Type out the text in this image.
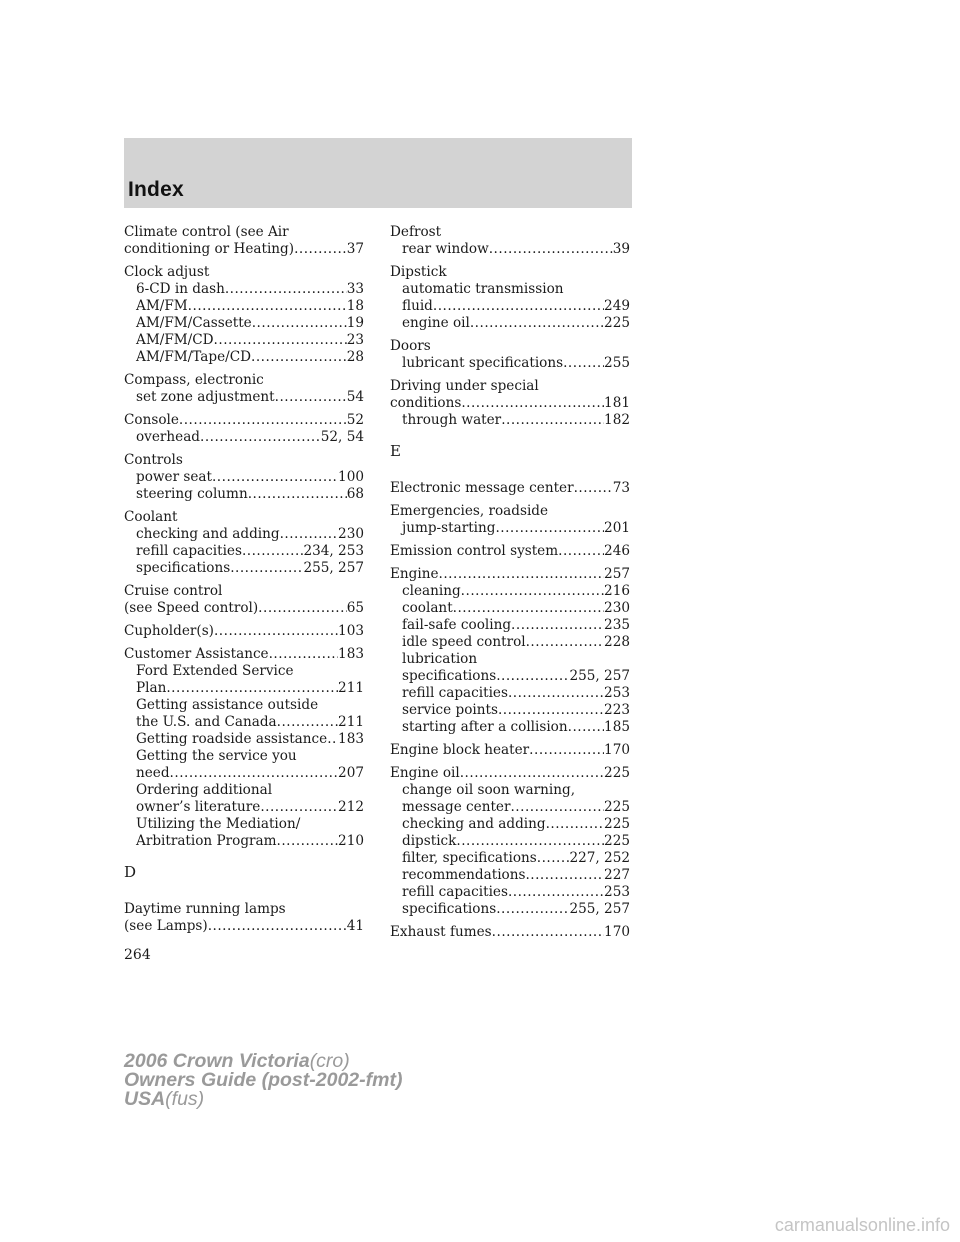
Index
Climate control (see Air
conditioning or Heating) .....	37
Clock adjust
6-CD in dash .....	33
AM/FM .....	18
AM/FM/Cassette .....	19
AM/FM/CD .....	23
AM/FM/Tape/CD .....	28
Compass, electronic
set zone adjustment .....	54
Console .....	52
overhead .....	52, 54
Controls
power seat .....	100
steering column .....	68
Coolant
checking and adding .....	230
refill capacities .....	234, 253
specifications .....	255, 257
Cruise control
(see Speed control) .....	65
Cupholder(s) .....	103
Customer Assistance .....	183
Ford Extended Service
Plan .....	211
Getting assistance outside
the U.S. and Canada .....	211
Getting roadside assistance ..... 183
Getting the service you
need .....	207
Ordering additional
owner’s literature .....	212
Utilizing the Mediation/
Arbitration Program .....	210
D
Daytime running lamps
(see Lamps) .....	41
Defrost
rear window .....	39
Dipstick
automatic transmission
fluid .....	249
engine oil .....	225
Doors
lubricant specifications .....	255
Driving under special
conditions .....	181
through water .....	182
E
Electronic message center .....	73
Emergencies, roadside
jump-starting .....	201
Emission control system .....	246
Engine .....	257
cleaning .....	216
coolant .....	230
fail-safe cooling .....	235
idle speed control .....	228
lubrication
specifications .....	255, 257
refill capacities .....	253
service points .....	223
starting after a collision .....	185
Engine block heater .....	170
Engine oil .....	225
change oil soon warning,
message center .....	225
checking and adding .....	225
dipstick .....	225
filter, specifications ..... 227, 252
recommendations .....	227
refill capacities .....	253
specifications .....	255, 257
Exhaust fumes .....	170
264
2006 Crown Victoria(cro)
Owners Guide (post-2002-fmt)
USA(fus)
carmanualsonline.info
